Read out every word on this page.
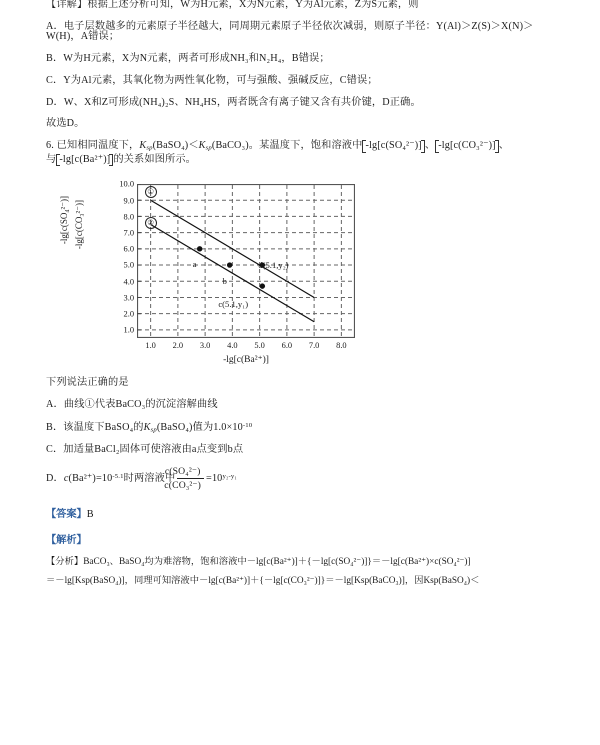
【详解】根据上述分析可知，W为H元素，X为N元素，Y为Al元素，Z为S元素，则
A．电子层数越多的元素原子半径越大，同周期元素原子半径依次减弱，则原子半径：Y(Al)＞Z(S)＞X(N)＞W(H)，A错误；
B．W为H元素，X为N元素，两者可形成NH₃和N₂H₄，B错误；
C．Y为Al元素，其氧化物为两性氧化物，可与强酸、强碱反应，C错误；
D．W、X和Z可形成(NH₄)₂S、NH₄HS，两者既含有离子键又含有共价键，D正确。
故选D。
6. 已知相同温度下，$K_{sp}(BaSO_4)<K_{sp}(BaCO_3)$。某温度下，饱和溶液中 -lg[c(SO₄²⁻)] 、 -lg[c(CO₃²⁻)] 、
与 -lg[c(Ba²⁺)] 的关系如图所示。
-lg[c(SO₄²⁻)] -lg[c(CO₃²⁻)]
①
②
a
b
d(5.1,y₂)
c(5.1,y₁)
1.0
2.0
3.0
4.0
5.0
6.0
7.0
8.0
9.0
10.0
1.0 2.0 3.0 4.0 5.0 6.0 7.0 8.0
-lg[c(Ba²⁺)]
下列说法正确的是
A．曲线①代表BaCO₃的沉淀溶解曲线
B．该温度下BaSO₄的$K_{sp}(BaSO_4)$值为$1.0\times 10^{-10}$
C．加适量BaCl₂固体可使溶液由a点变到b点
D．$c(Ba^{2+})=10^{-5.1}$时两溶液中 $\frac{\text{c(SO₄²⁻)}}{\text{c(CO₃²⁻)}} =10^{y_2-y_1}$
【答案】B
【解析】
【分析】BaCO₃、BaSO₄均为难溶物，饱和溶液中－lg[c(Ba²⁺)]＋{－lg[c(SO₄²⁻)]}＝－lg[c(Ba²⁺)×c(SO₄²⁻)]
＝－lg[Ksp(BaSO₄)]，同理可知溶液中－lg[c(Ba²⁺)]＋{－lg[c(CO₃²⁻)]}＝－lg[Ksp(BaCO₃)]，因Ksp(BaSO₄)＜
